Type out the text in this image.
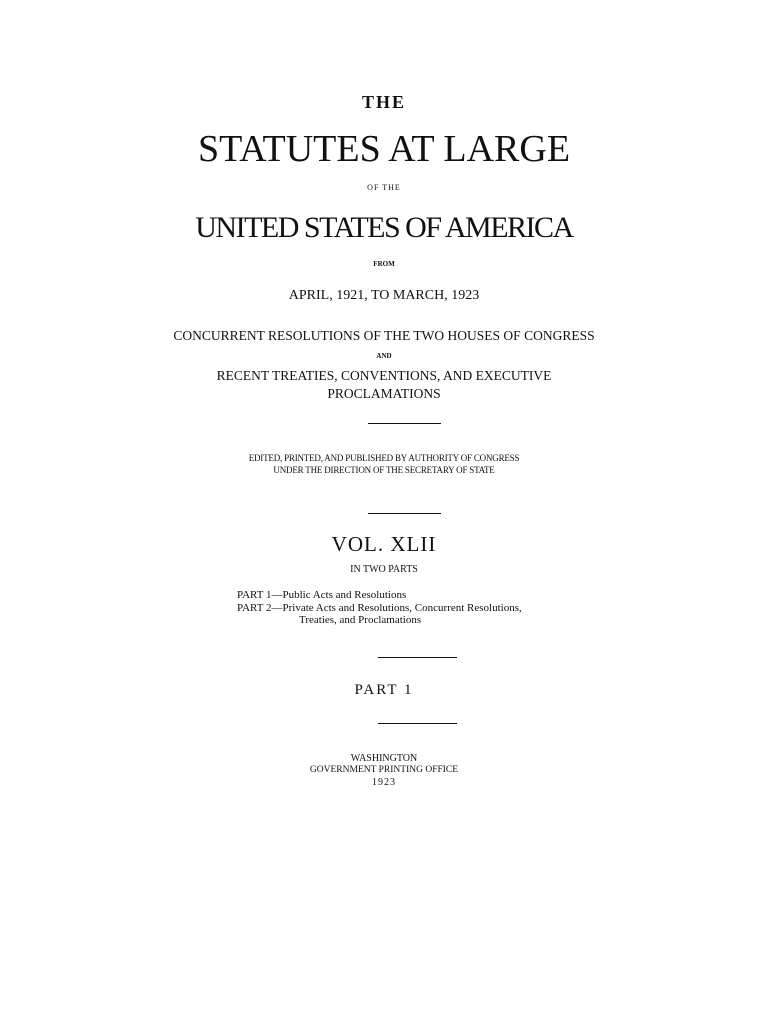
THE
STATUTES AT LARGE
OF THE
UNITED STATES OF AMERICA
FROM
APRIL, 1921, TO MARCH, 1923
CONCURRENT RESOLUTIONS OF THE TWO HOUSES OF CONGRESS
AND
RECENT TREATIES, CONVENTIONS, AND EXECUTIVE
PROCLAMATIONS
EDITED, PRINTED, AND PUBLISHED BY AUTHORITY OF CONGRESS
UNDER THE DIRECTION OF THE SECRETARY OF STATE
VOL. XLII
IN TWO PARTS
PART 1—Public Acts and Resolutions
PART 2—Private Acts and Resolutions, Concurrent Resolutions,
Treaties, and Proclamations
PART 1
WASHINGTON
GOVERNMENT PRINTING OFFICE
1923
